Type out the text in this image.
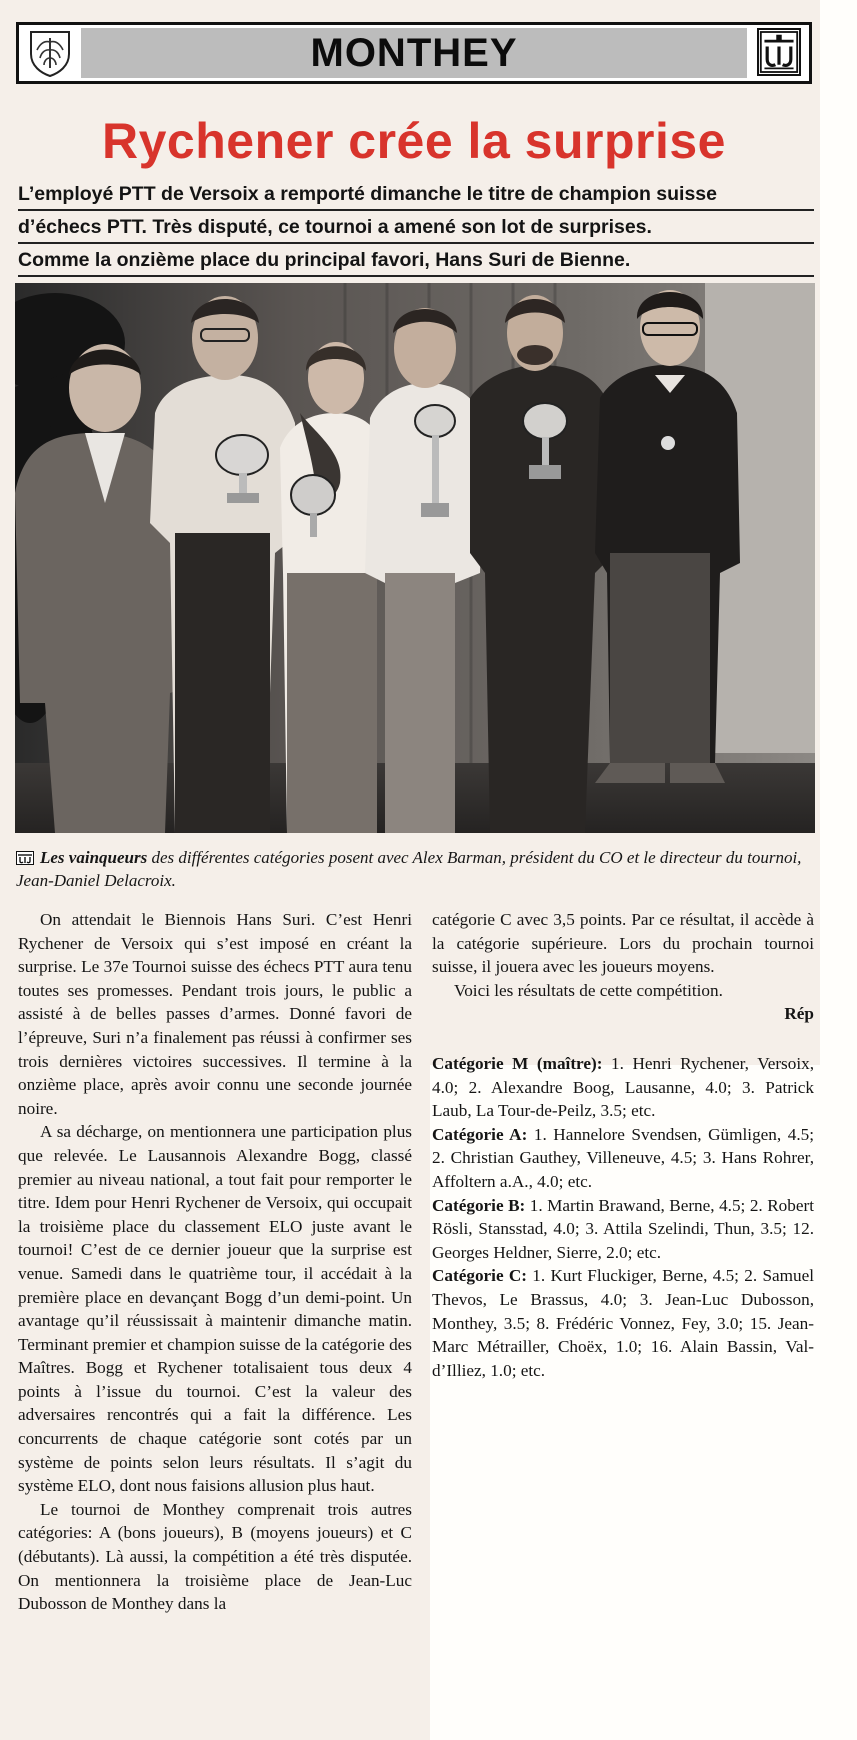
MONTHEY
Rychener crée la surprise
L’employé PTT de Versoix a remporté dimanche le titre de champion suisse
d’échecs PTT. Très disputé, ce tournoi a amené son lot de surprises.
Comme la onzième place du principal favori, Hans Suri de Bienne.
Les vainqueurs des différentes catégories posent avec Alex Barman, président du CO et le directeur du tournoi, Jean-Daniel Delacroix.

On attendait le Biennois Hans Suri. C’est Henri Rychener de Versoix qui s’est imposé en créant la surprise. Le 37e Tournoi suisse des échecs PTT aura tenu toutes ses promesses. Pendant trois jours, le public a assisté à de belles passes d’armes. Donné favori de l’épreuve, Suri n’a finalement pas réussi à confirmer ses trois dernières victoires successives. Il termine à la onzième place, après avoir connu une seconde journée noire.

A sa décharge, on mentionnera une participation plus que relevée. Le Lausannois Alexandre Bogg, classé premier au niveau national, a tout fait pour remporter le titre. Idem pour Henri Rychener de Versoix, qui occupait la troisième place du classement ELO juste avant le tournoi! C’est de ce dernier joueur que la surprise est venue. Samedi dans le quatrième tour, il accédait à la première place en devançant Bogg d’un demi-point. Un avantage qu’il réussissait à maintenir dimanche matin. Terminant premier et champion suisse de la catégorie des Maîtres. Bogg et Rychener totalisaient tous deux 4 points à l’issue du tournoi. C’est la valeur des adversaires rencontrés qui a fait la différence. Les concurrents de chaque catégorie sont cotés par un système de points selon leurs résultats. Il s’agit du système ELO, dont nous faisions allusion plus haut.

Le tournoi de Monthey comprenait trois autres catégories: A (bons joueurs), B (moyens joueurs) et C (débutants). Là aussi, la compétition a été très disputée. On mentionnera la troisième place de Jean-Luc Dubosson de Monthey dans la

catégorie C avec 3,5 points. Par ce résultat, il accède à la catégorie supérieure. Lors du prochain tournoi suisse, il jouera avec les joueurs moyens.

Voici les résultats de cette compétition.

Rép

Catégorie M (maître): 1. Henri Rychener, Versoix, 4.0; 2. Alexandre Boog, Lausanne, 4.0; 3. Patrick Laub, La Tour-de-Peilz, 3.5; etc.

Catégorie A: 1. Hannelore Svendsen, Gümligen, 4.5; 2. Christian Gauthey, Villeneuve, 4.5; 3. Hans Rohrer, Affoltern a.A., 4.0; etc.

Catégorie B: 1. Martin Brawand, Berne, 4.5; 2. Robert Rösli, Stansstad, 4.0; 3. Attila Szelindi, Thun, 3.5; 12. Georges Heldner, Sierre, 2.0; etc.

Catégorie C: 1. Kurt Fluckiger, Berne, 4.5; 2. Samuel Thevos, Le Brassus, 4.0; 3. Jean-Luc Dubosson, Monthey, 3.5; 8. Frédéric Vonnez, Fey, 3.0; 15. Jean-Marc Métrailler, Choëx, 1.0; 16. Alain Bassin, Val-d’Illiez, 1.0; etc.
